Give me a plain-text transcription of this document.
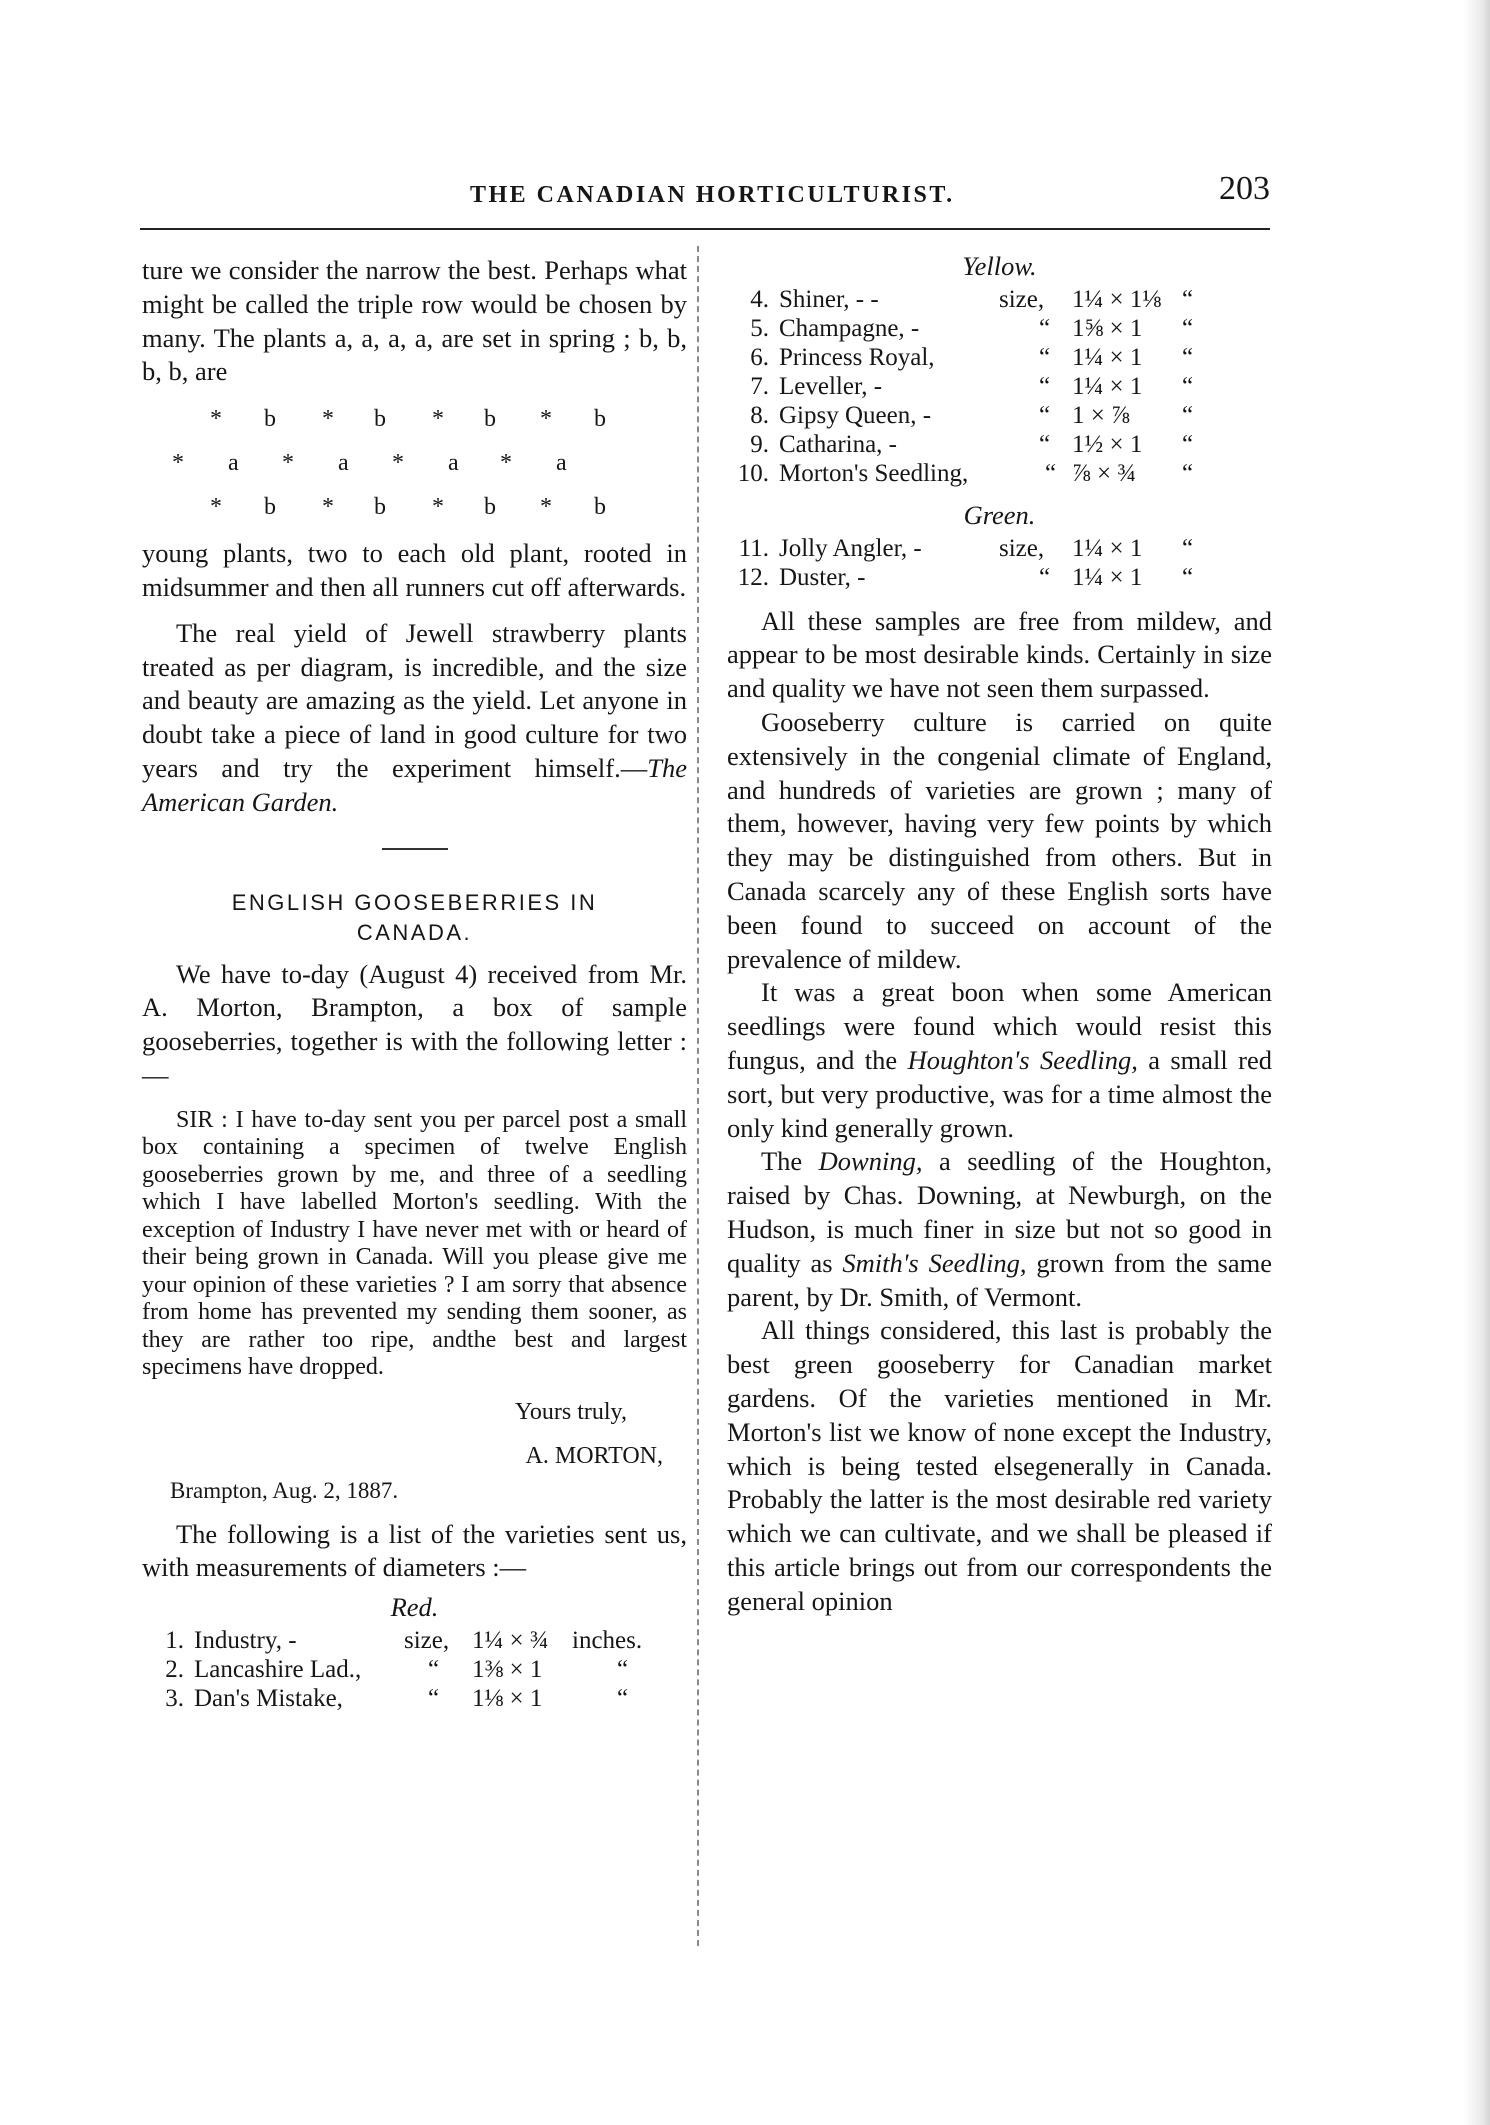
THE CANADIAN HORTICULTURIST.	203

ture we consider the narrow the best. Perhaps what might be called the triple row would be chosen by many. The plants a, a, a, a, are set in spring ; b, b, b, b, are

* b * b * b * b
* a * a * a * a
* b * b * b * b

young plants, two to each old plant, rooted in midsummer and then all runners cut off afterwards.

The real yield of Jewell strawberry plants treated as per diagram, is incredible, and the size and beauty are amazing as the yield. Let anyone in doubt take a piece of land in good culture for two years and try the experiment himself.—The American Garden.

ENGLISH GOOSEBERRIES IN
CANADA.

We have to-day (August 4) received from Mr. A. Morton, Brampton, a box of sample gooseberries, together is with the following letter :—

SIR : I have to-day sent you per parcel post a small box containing a specimen of twelve English gooseberries grown by me, and three of a seedling which I have labelled Morton's seedling. With the exception of Industry I have never met with or heard of their being grown in Canada. Will you please give me your opinion of these varieties ? I am sorry that absence from home has prevented my sending them sooner, as they are rather too ripe, andthe best and largest specimens have dropped.

Yours truly,
A. MORTON,
Brampton, Aug. 2, 1887.

The following is a list of the varieties sent us, with measurements of diameters :—

Red.
1. Industry, -	size, 1¼ × ¾ inches.
2. Lancashire Lad.,	“ 1⅜ × 1	“
3. Dan's Mistake,	“ 1⅛ × 1	“
Yellow.
4. Shiner, - -	size, 1¼ × 1⅛ “
5. Champagne, -	“ 1⅝ × 1 “
6. Princess Royal,	“ 1¼ × 1 “
7. Leveller, -	“ 1¼ × 1 “
8. Gipsy Queen, -	“ 1 × ⅞ “
9. Catharina, -	“ 1½ × 1 “
10. Morton's Seedling,	“ ⅞ × ¾ “
Green.
11. Jolly Angler, -	size, 1¼ × 1 “
12. Duster, -	“ 1¼ × 1 “

All these samples are free from mildew, and appear to be most desirable kinds. Certainly in size and quality we have not seen them surpassed.

Gooseberry culture is carried on quite extensively in the congenial climate of England, and hundreds of varieties are grown ; many of them, however, having very few points by which they may be distinguished from others. But in Canada scarcely any of these English sorts have been found to succeed on account of the prevalence of mildew.

It was a great boon when some American seedlings were found which would resist this fungus, and the Houghton's Seedling, a small red sort, but very productive, was for a time almost the only kind generally grown.

The Downing, a seedling of the Houghton, raised by Chas. Downing, at Newburgh, on the Hudson, is much finer in size but not so good in quality as Smith's Seedling, grown from the same parent, by Dr. Smith, of Vermont.

All things considered, this last is probably the best green gooseberry for Canadian market gardens. Of the varieties mentioned in Mr. Morton's list we know of none except the Industry, which is being tested elsegenerally in Canada. Probably the latter is the most desirable red variety which we can cultivate, and we shall be pleased if this article brings out from our correspondents the general opinion
